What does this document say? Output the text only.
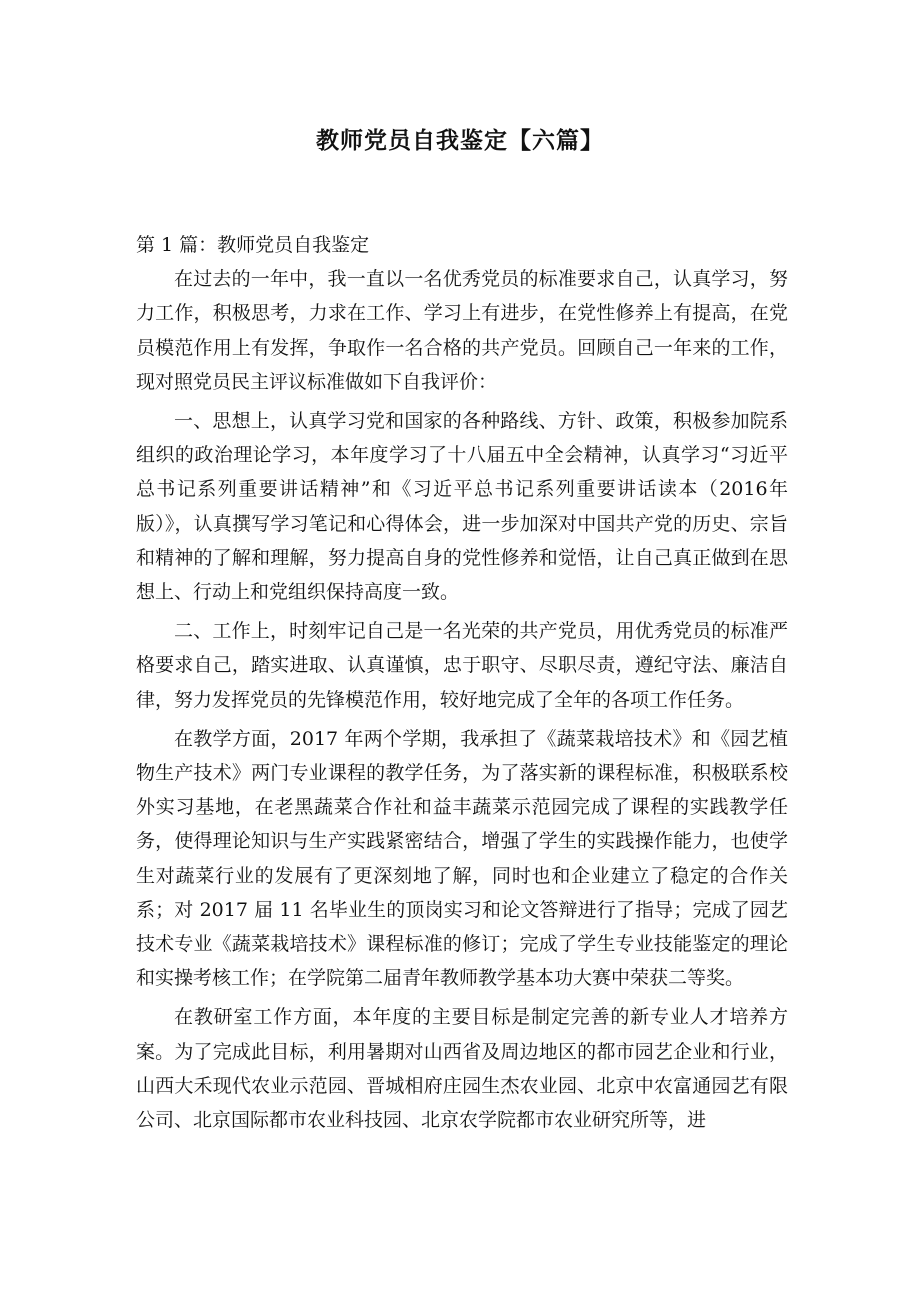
教师党员自我鉴定【六篇】

第 1 篇：教师党员自我鉴定

在过去的一年中，我一直以一名优秀党员的标准要求自己，认真学习，努力工作，积极思考，力求在工作、学习上有进步，在党性修养上有提高，在党员模范作用上有发挥，争取作一名合格的共产党员。回顾自己一年来的工作，现对照党员民主评议标准做如下自我评价：

一、思想上，认真学习党和国家的各种路线、方针、政策，积极参加院系组织的政治理论学习，本年度学习了十八届五中全会精神，认真学习“习近平总书记系列重要讲话精神”和《习近平总书记系列重要讲话读本（2016年版）》，认真撰写学习笔记和心得体会，进一步加深对中国共产党的历史、宗旨和精神的了解和理解，努力提高自身的党性修养和觉悟，让自己真正做到在思想上、行动上和党组织保持高度一致。

二、工作上，时刻牢记自己是一名光荣的共产党员，用优秀党员的标准严格要求自己，踏实进取、认真谨慎，忠于职守、尽职尽责，遵纪守法、廉洁自律，努力发挥党员的先锋模范作用，较好地完成了全年的各项工作任务。

在教学方面，2017 年两个学期，我承担了《蔬菜栽培技术》和《园艺植物生产技术》两门专业课程的教学任务，为了落实新的课程标准，积极联系校外实习基地，在老黑蔬菜合作社和益丰蔬菜示范园完成了课程的实践教学任务，使得理论知识与生产实践紧密结合，增强了学生的实践操作能力，也使学生对蔬菜行业的发展有了更深刻地了解，同时也和企业建立了稳定的合作关系；对 2017 届 11 名毕业生的顶岗实习和论文答辩进行了指导；完成了园艺技术专业《蔬菜栽培技术》课程标准的修订；完成了学生专业技能鉴定的理论和实操考核工作；在学院第二届青年教师教学基本功大赛中荣获二等奖。

在教研室工作方面，本年度的主要目标是制定完善的新专业人才培养方案。为了完成此目标，利用暑期对山西省及周边地区的都市园艺企业和行业，山西大禾现代农业示范园、晋城相府庄园生杰农业园、北京中农富通园艺有限公司、北京国际都市农业科技园、北京农学院都市农业研究所等，进
